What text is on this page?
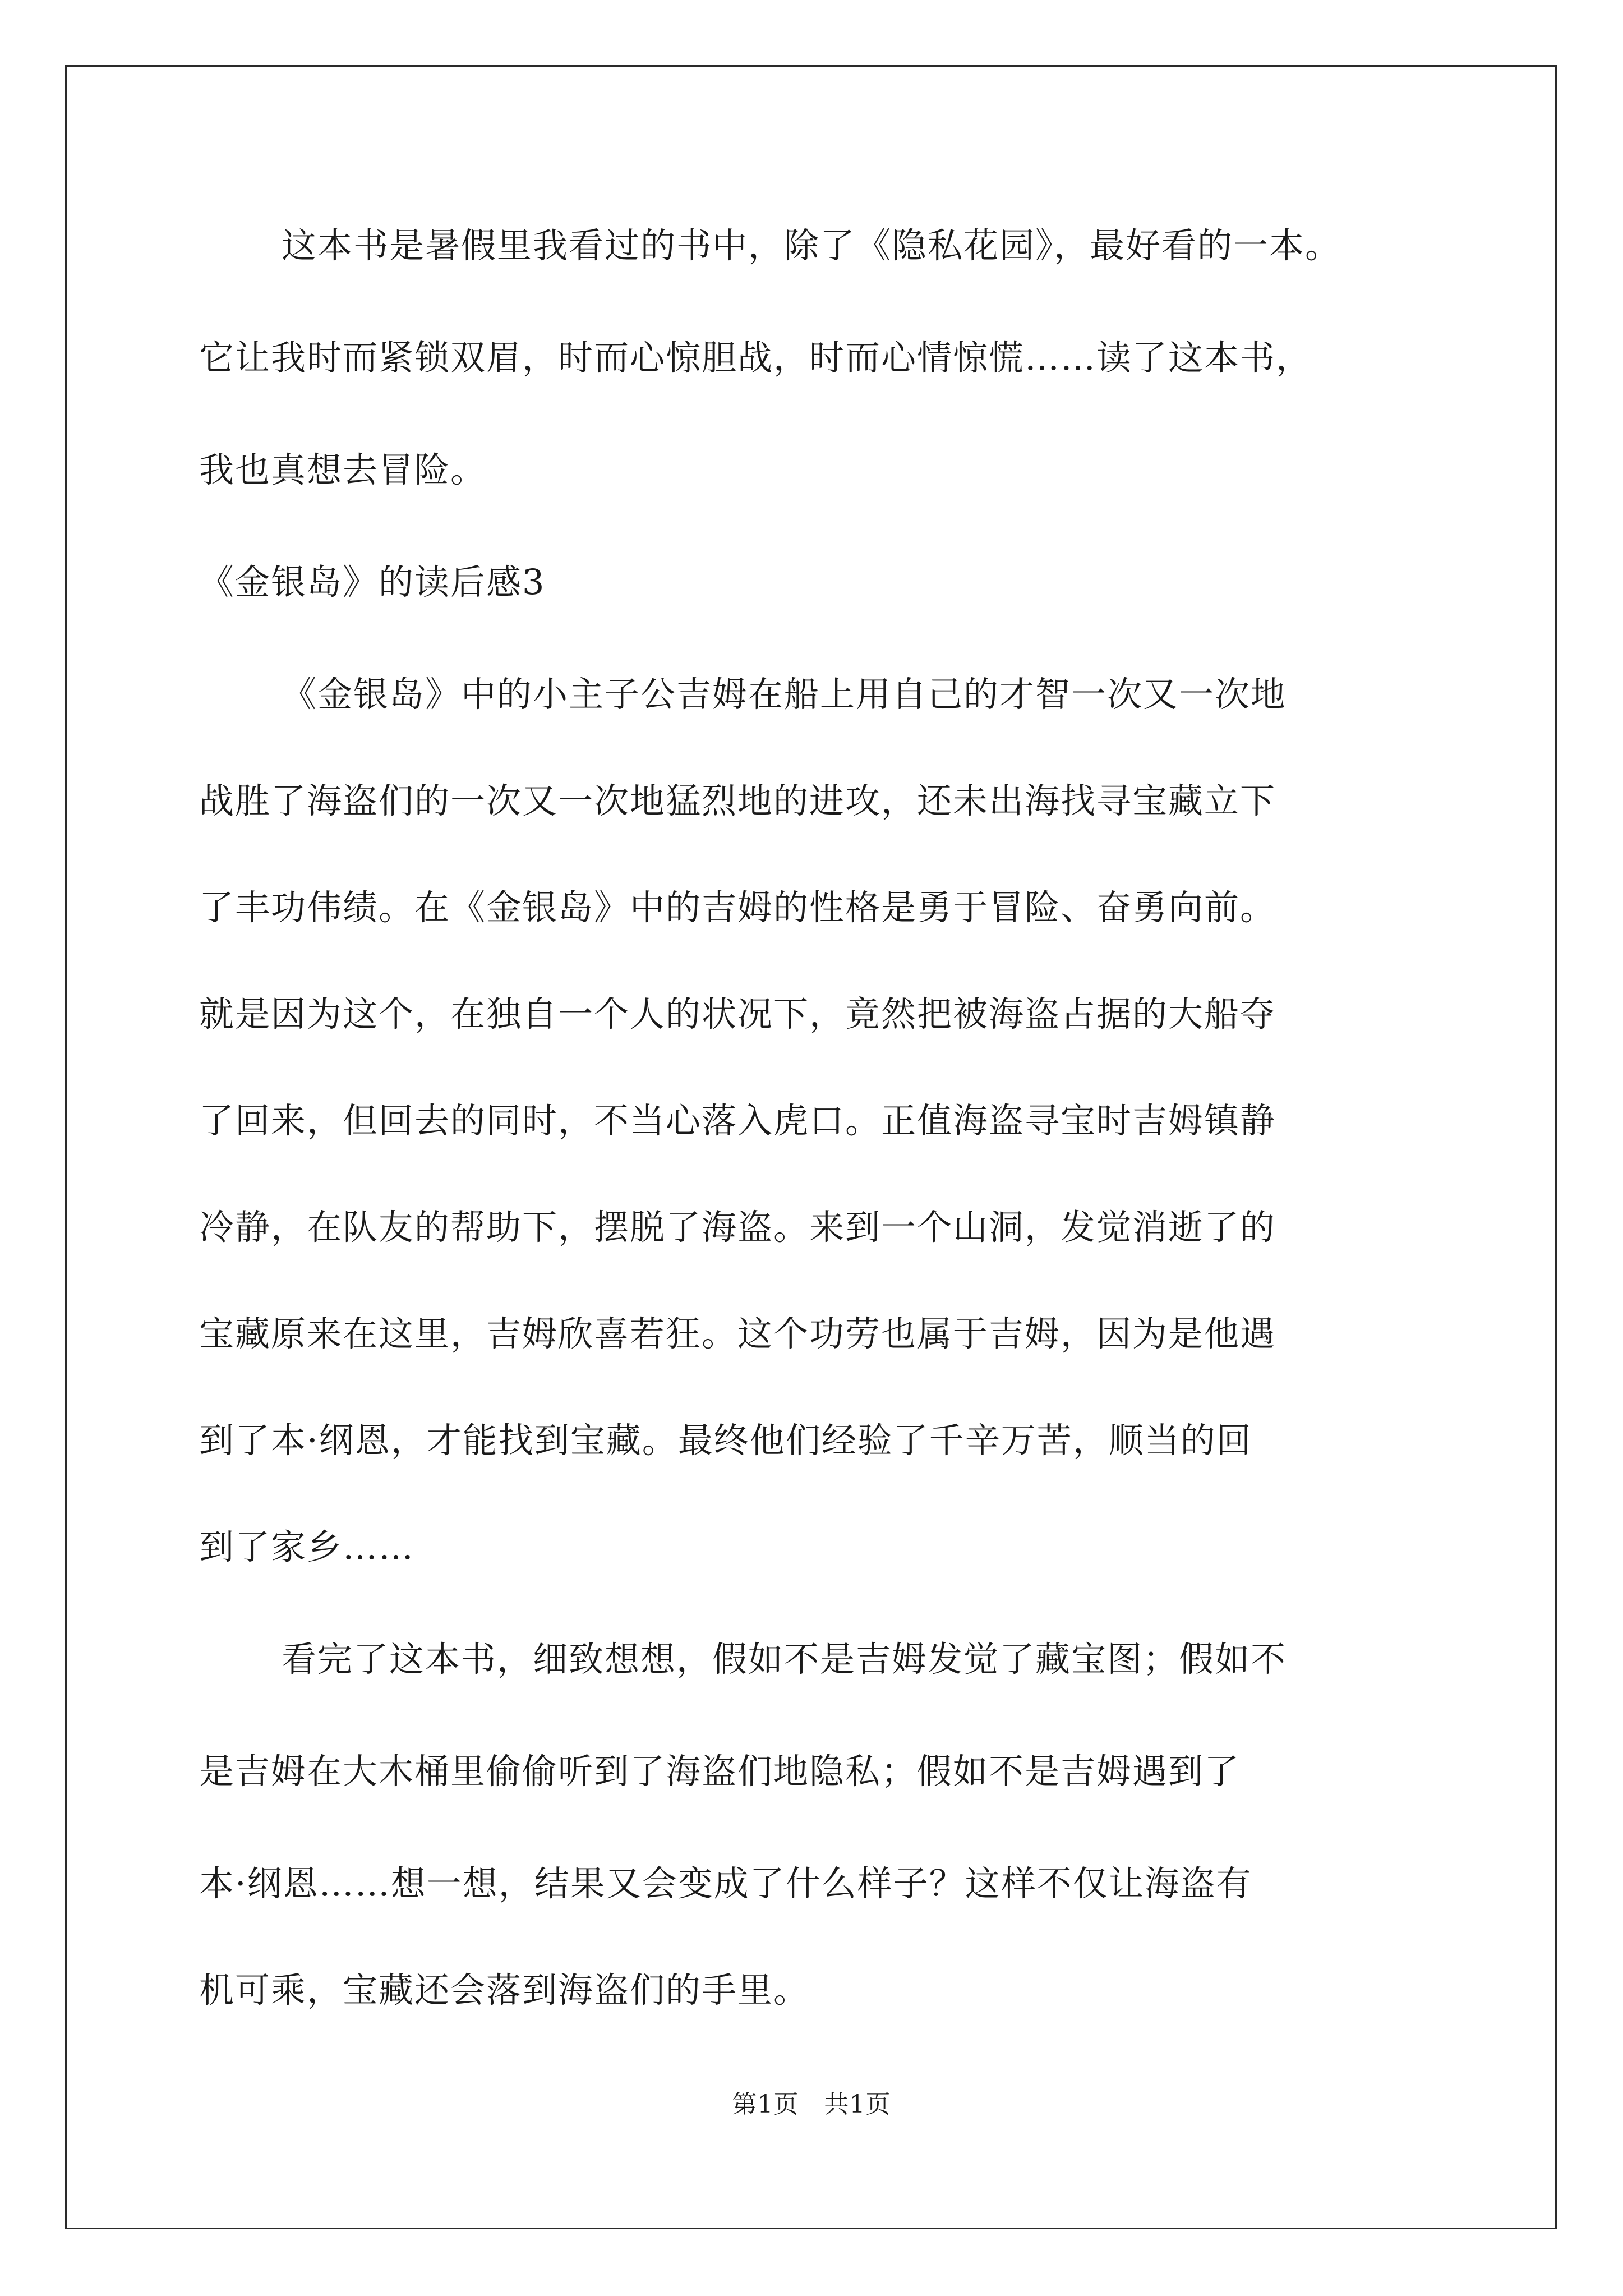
这本书是暑假里我看过的书中，除了《隐私花园》，最好看的一本。
它让我时而紧锁双眉，时而心惊胆战，时而心情惊慌……读了这本书，
我也真想去冒险。
《金银岛》的读后感3
《金银岛》中的小主子公吉姆在船上用自己的才智一次又一次地
战胜了海盗们的一次又一次地猛烈地的进攻，还未出海找寻宝藏立下
了丰功伟绩。在《金银岛》中的吉姆的性格是勇于冒险、奋勇向前。
就是因为这个，在独自一个人的状况下，竟然把被海盗占据的大船夺
了回来，但回去的同时，不当心落入虎口。正值海盗寻宝时吉姆镇静
冷静，在队友的帮助下，摆脱了海盗。来到一个山洞，发觉消逝了的
宝藏原来在这里，吉姆欣喜若狂。这个功劳也属于吉姆，因为是他遇
到了本·纲恩，才能找到宝藏。最终他们经验了千辛万苦，顺当的回
到了家乡……
看完了这本书，细致想想，假如不是吉姆发觉了藏宝图；假如不
是吉姆在大木桶里偷偷听到了海盗们地隐私；假如不是吉姆遇到了
本·纲恩……想一想，结果又会变成了什么样子？这样不仅让海盗有
机可乘，宝藏还会落到海盗们的手里。
第1页　共1页
